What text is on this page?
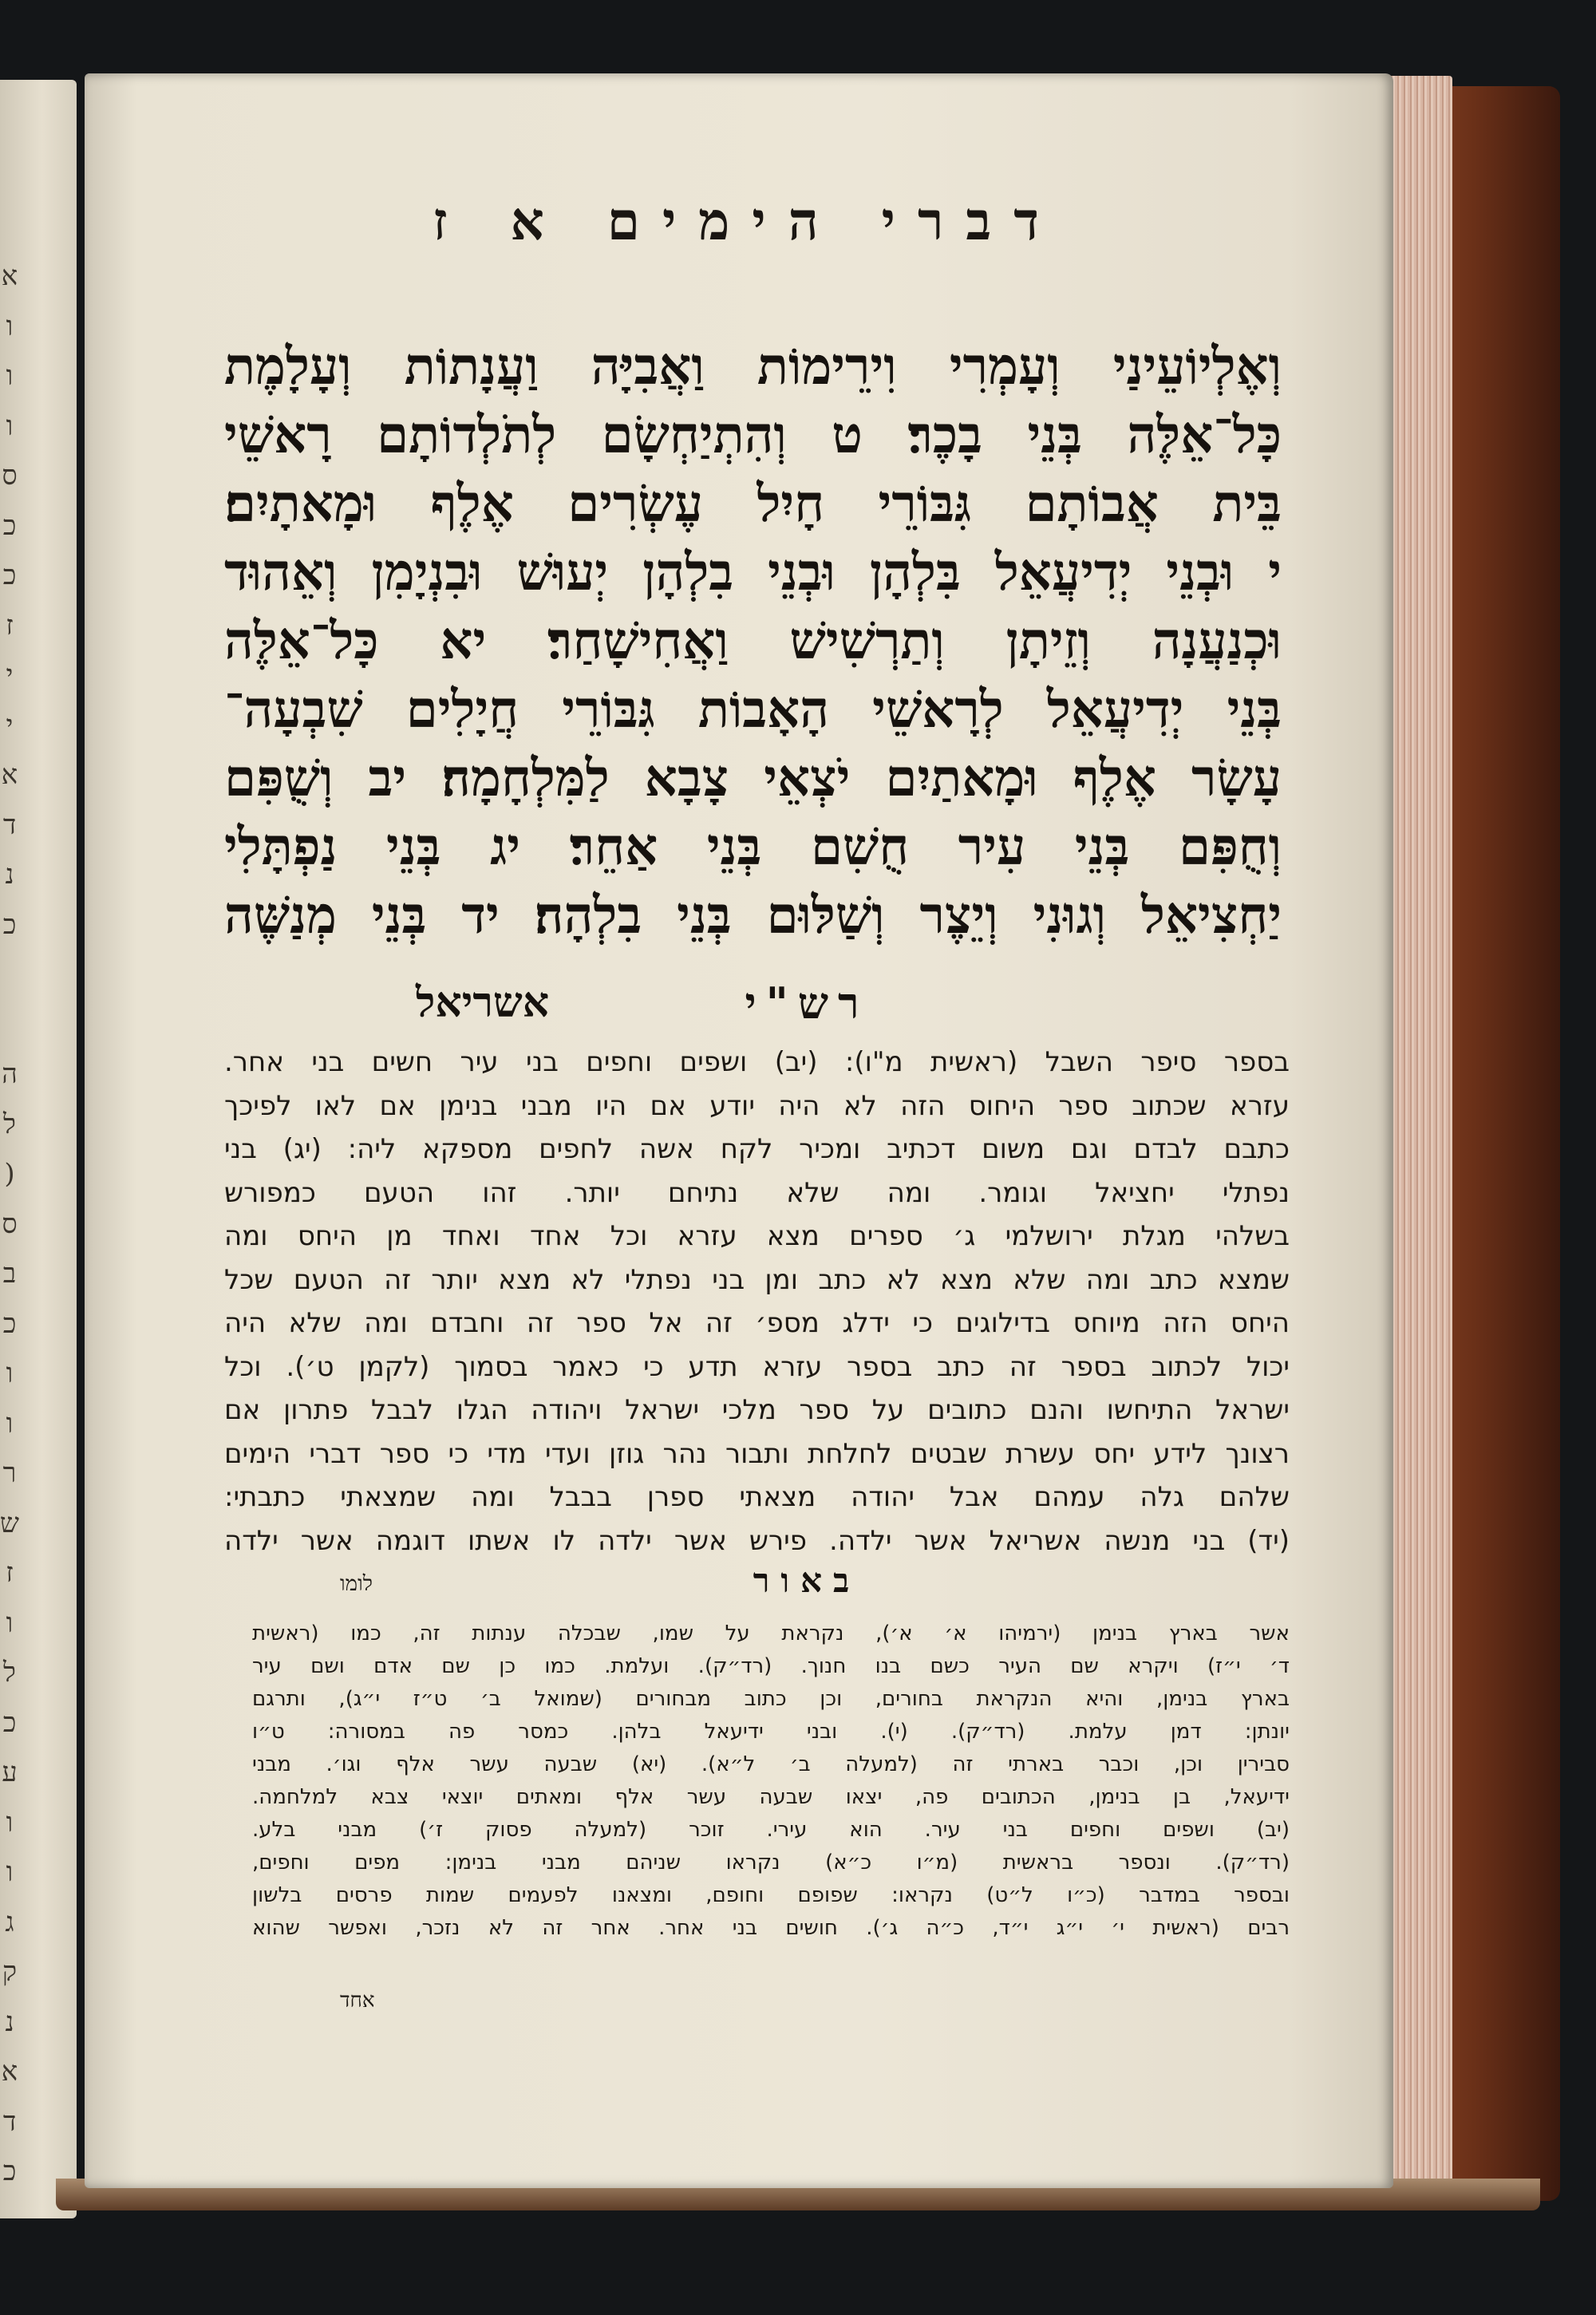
א
ו
ו
ו
ס
כ
כ
ז
י
י
א
ד
נ
כ
ה
ל
(
ס
ב
כ
ו
ו
ר
ש
ז
ו
ל
כ
ע
ו
ו
ג
ק
נ
א
ד
כ
דברי הימים א ז
וְאֶלְיוֹעֵינַי וְעָמְרִי וִירֵימוֹת וַאֲבִיָּה וַעֲנָתוֹת וְעָלָמֶת
כָּל־אֵלֶּה בְּנֵי בָכֶר׃ ט וְהִתְיַחְשָׂם לְתֹלְדוֹתָם רָאשֵׁי
בֵּית אֲבוֹתָם גִּבּוֹרֵי חָיִל עֶשְׂרִים אֶלֶף וּמָאתָיִם׃
י וּבְנֵי יְדִיעֲאֵל בִּלְהָן וּבְנֵי בִלְהָן יְעוּשׁ וּבִנְיָמִן וְאֵהוּד
וּכְנַעֲנָה וְזֵיתָן וְתַרְשִׁישׁ וַאֲחִישָׁחַר׃ יא כָּל־אֵלֶּה
בְּנֵי יְדִיעֲאֵל לְרָאשֵׁי הָאָבוֹת גִּבּוֹרֵי חֲיָלִים שִׁבְעָה־
עָשָׂר אֶלֶף וּמָאתַיִם יֹצְאֵי צָבָא לַמִּלְחָמָה׃ יב וְשֻׁפִּם
וְחֻפִּם בְּנֵי עִיר חֻשִׁם בְּנֵי אַחֵר׃ יג בְּנֵי נַפְתָּלִי
יַחְצִיאֵל וְגוּנִי וְיֵצֶר וְשַׁלּוּם בְּנֵי בִלְהָה׃ יד בְּנֵי מְנַשֶּׁה
רש"י
אשריאל
בספר סיפר השבל (ראשית מ"ו): (יב) ושפים וחפים בני עיר חשים בני אחר.
עזרא שכתוב ספר היחוס הזה לא היה יודע אם היו מבני בנימן אם לאו לפיכך
כתבם לבדם וגם משום דכתיב ומכיר לקח אשה לחפים מספקא ליה: (יג) בני
נפתלי יחציאל וגומר. ומה שלא נתיחם יותר. זהו הטעם כמפורש
בשלהי מגלת ירושלמי ג׳ ספרים מצא עזרא וכל אחד ואחד מן היחס ומה
שמצא כתב ומה שלא מצא לא כתב ומן בני נפתלי לא מצא יותר זה הטעם שכל
היחס הזה מיוחס בדילוגים כי ידלג מספ׳ זה אל ספר זה וחבדם ומה שלא היה
יכול לכתוב בספר זה כתב בספר עזרא תדע כי כאמר בסמוך (לקמן ט׳). וכל
ישראל התיחשו והנם כתובים על ספר מלכי ישראל ויהודה הגלו לבבל פתרון אם
רצונך לידע יחס עשרת שבטים לחלחת ותבור נהר גוזן ועדי מדי כי ספר דברי הימים
שלהם גלה עמהם אבל יהודה מצאתי ספרן בבבל ומה שמצאתי כתבתי:
(יד) בני מנשה אשריאל אשר ילדה. פירש אשר ילדה לו אשתו דוגמה אשר ילדה
באור
לומו
אשר בארץ בנימן (ירמיהו א׳ א׳), נקראת על שמו, שבכלה ענתות זה, כמו (ראשית
ד׳ י״ז) ויקרא שם העיר כשם בנו חנוך. (רד״ק). ועלמת. כמו כן שם אדם ושם עיר
בארץ בנימן, והיא הנקראת בחורים, וכן כתוב מבחורים (שמואל ב׳ ט״ז י״ג), ותרגם
יונתן: דמן עלמת. (רד״ק). (י). ובני ידיעאל בלהן. כמסר פה במסורה: ט״ו
סבירין וכן, וכבר בארתי זה (למעלה ב׳ ל״א). (יא) שבעה עשר אלף וגו׳. מבני
ידיעאל, בן בנימן, הכתובים פה, יצאו שבעה עשר אלף ומאתים יוצאי צבא למלחמה.
(יב) ושפים וחפים בני עיר. הוא עירי. זוכר (למעלה פסוק ז׳) מבני בלע.
(רד״ק). ונספר בראשית (מ״ו כ״א) נקראו שניהם מבני בנימן: מפים וחפים,
ובספר במדבר (כ״ו ל״ט) נקראו: שפופם וחופם, ומצאנו לפעמים שמות פרסים בלשון
רבים (ראשית י׳ י״ג י״ד, כ״ה ג׳). חושים בני אחר. אחר זה לא נזכר, ואפשר שהוא
אחד
